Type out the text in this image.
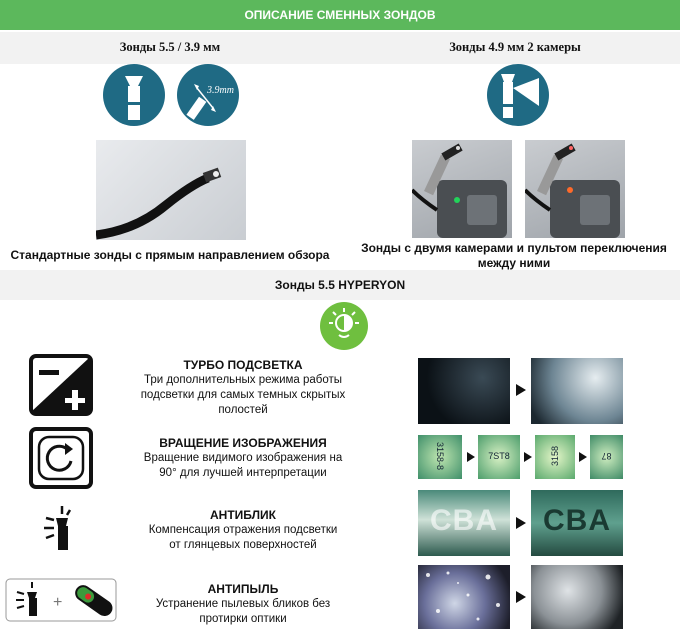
ОПИСАНИЕ СМЕННЫХ ЗОНДОВ
Зонды 5.5 / 3.9 мм	Зонды 4.9 мм 2 камеры
3.9mm
Стандартные зонды с прямым направлением обзора	Зонды с двумя камерами и пультом переключения
между ними
Зонды 5.5 HYPERYON
+
ТУРБО ПОДСВЕТКА
Три дополнительных режима работы
подсветки для самых темных скрытых
полостей
ВРАЩЕНИЕ ИЗОБРАЖЕНИЯ
Вращение видимого изображения на
90° для лучшей интерпретации
АНТИБЛИК
Компенсация отражения подсветки
от глянцевых поверхностей
АНТИПЫЛЬ
Устранение пылевых бликов без
протирки оптики
3158-8	7ST8	3158	87
CBA	CBA
